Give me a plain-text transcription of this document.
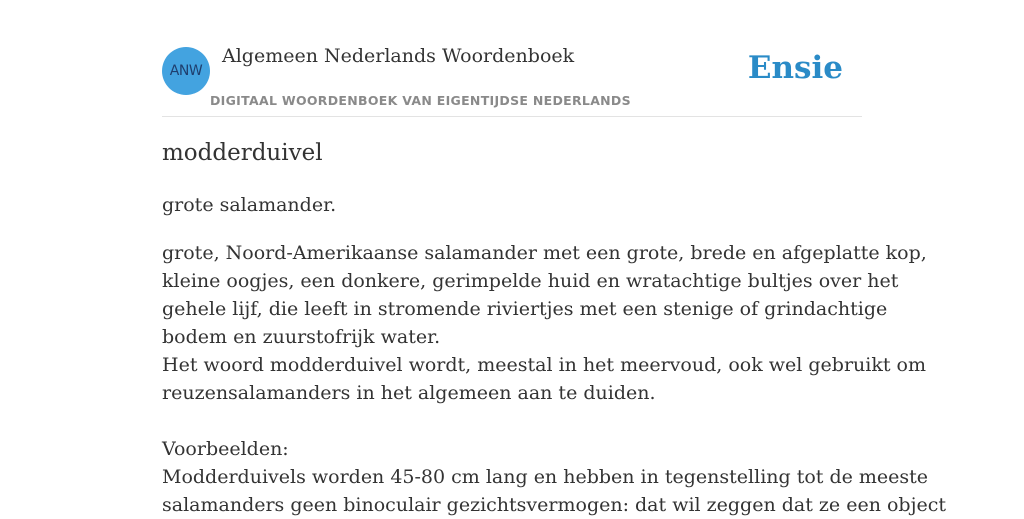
ANW
Algemeen Nederlands Woordenboek
DIGITAAL WOORDENBOEK VAN EIGENTIJDSE NEDERLANDS
Ensie
modderduivel
grote salamander.
grote, Noord-Amerikaanse salamander met een grote, brede en afgeplatte kop,
kleine oogjes, een donkere, gerimpelde huid en wratachtige bultjes over het
gehele lijf, die leeft in stromende riviertjes met een stenige of grindachtige
bodem en zuurstofrijk water.
Het woord modderduivel wordt, meestal in het meervoud, ook wel gebruikt om
reuzensalamanders in het algemeen aan te duiden.
Voorbeelden:
Modderduivels worden 45-80 cm lang en hebben in tegenstelling tot de meeste
salamanders geen binoculair gezichtsvermogen: dat wil zeggen dat ze een object
